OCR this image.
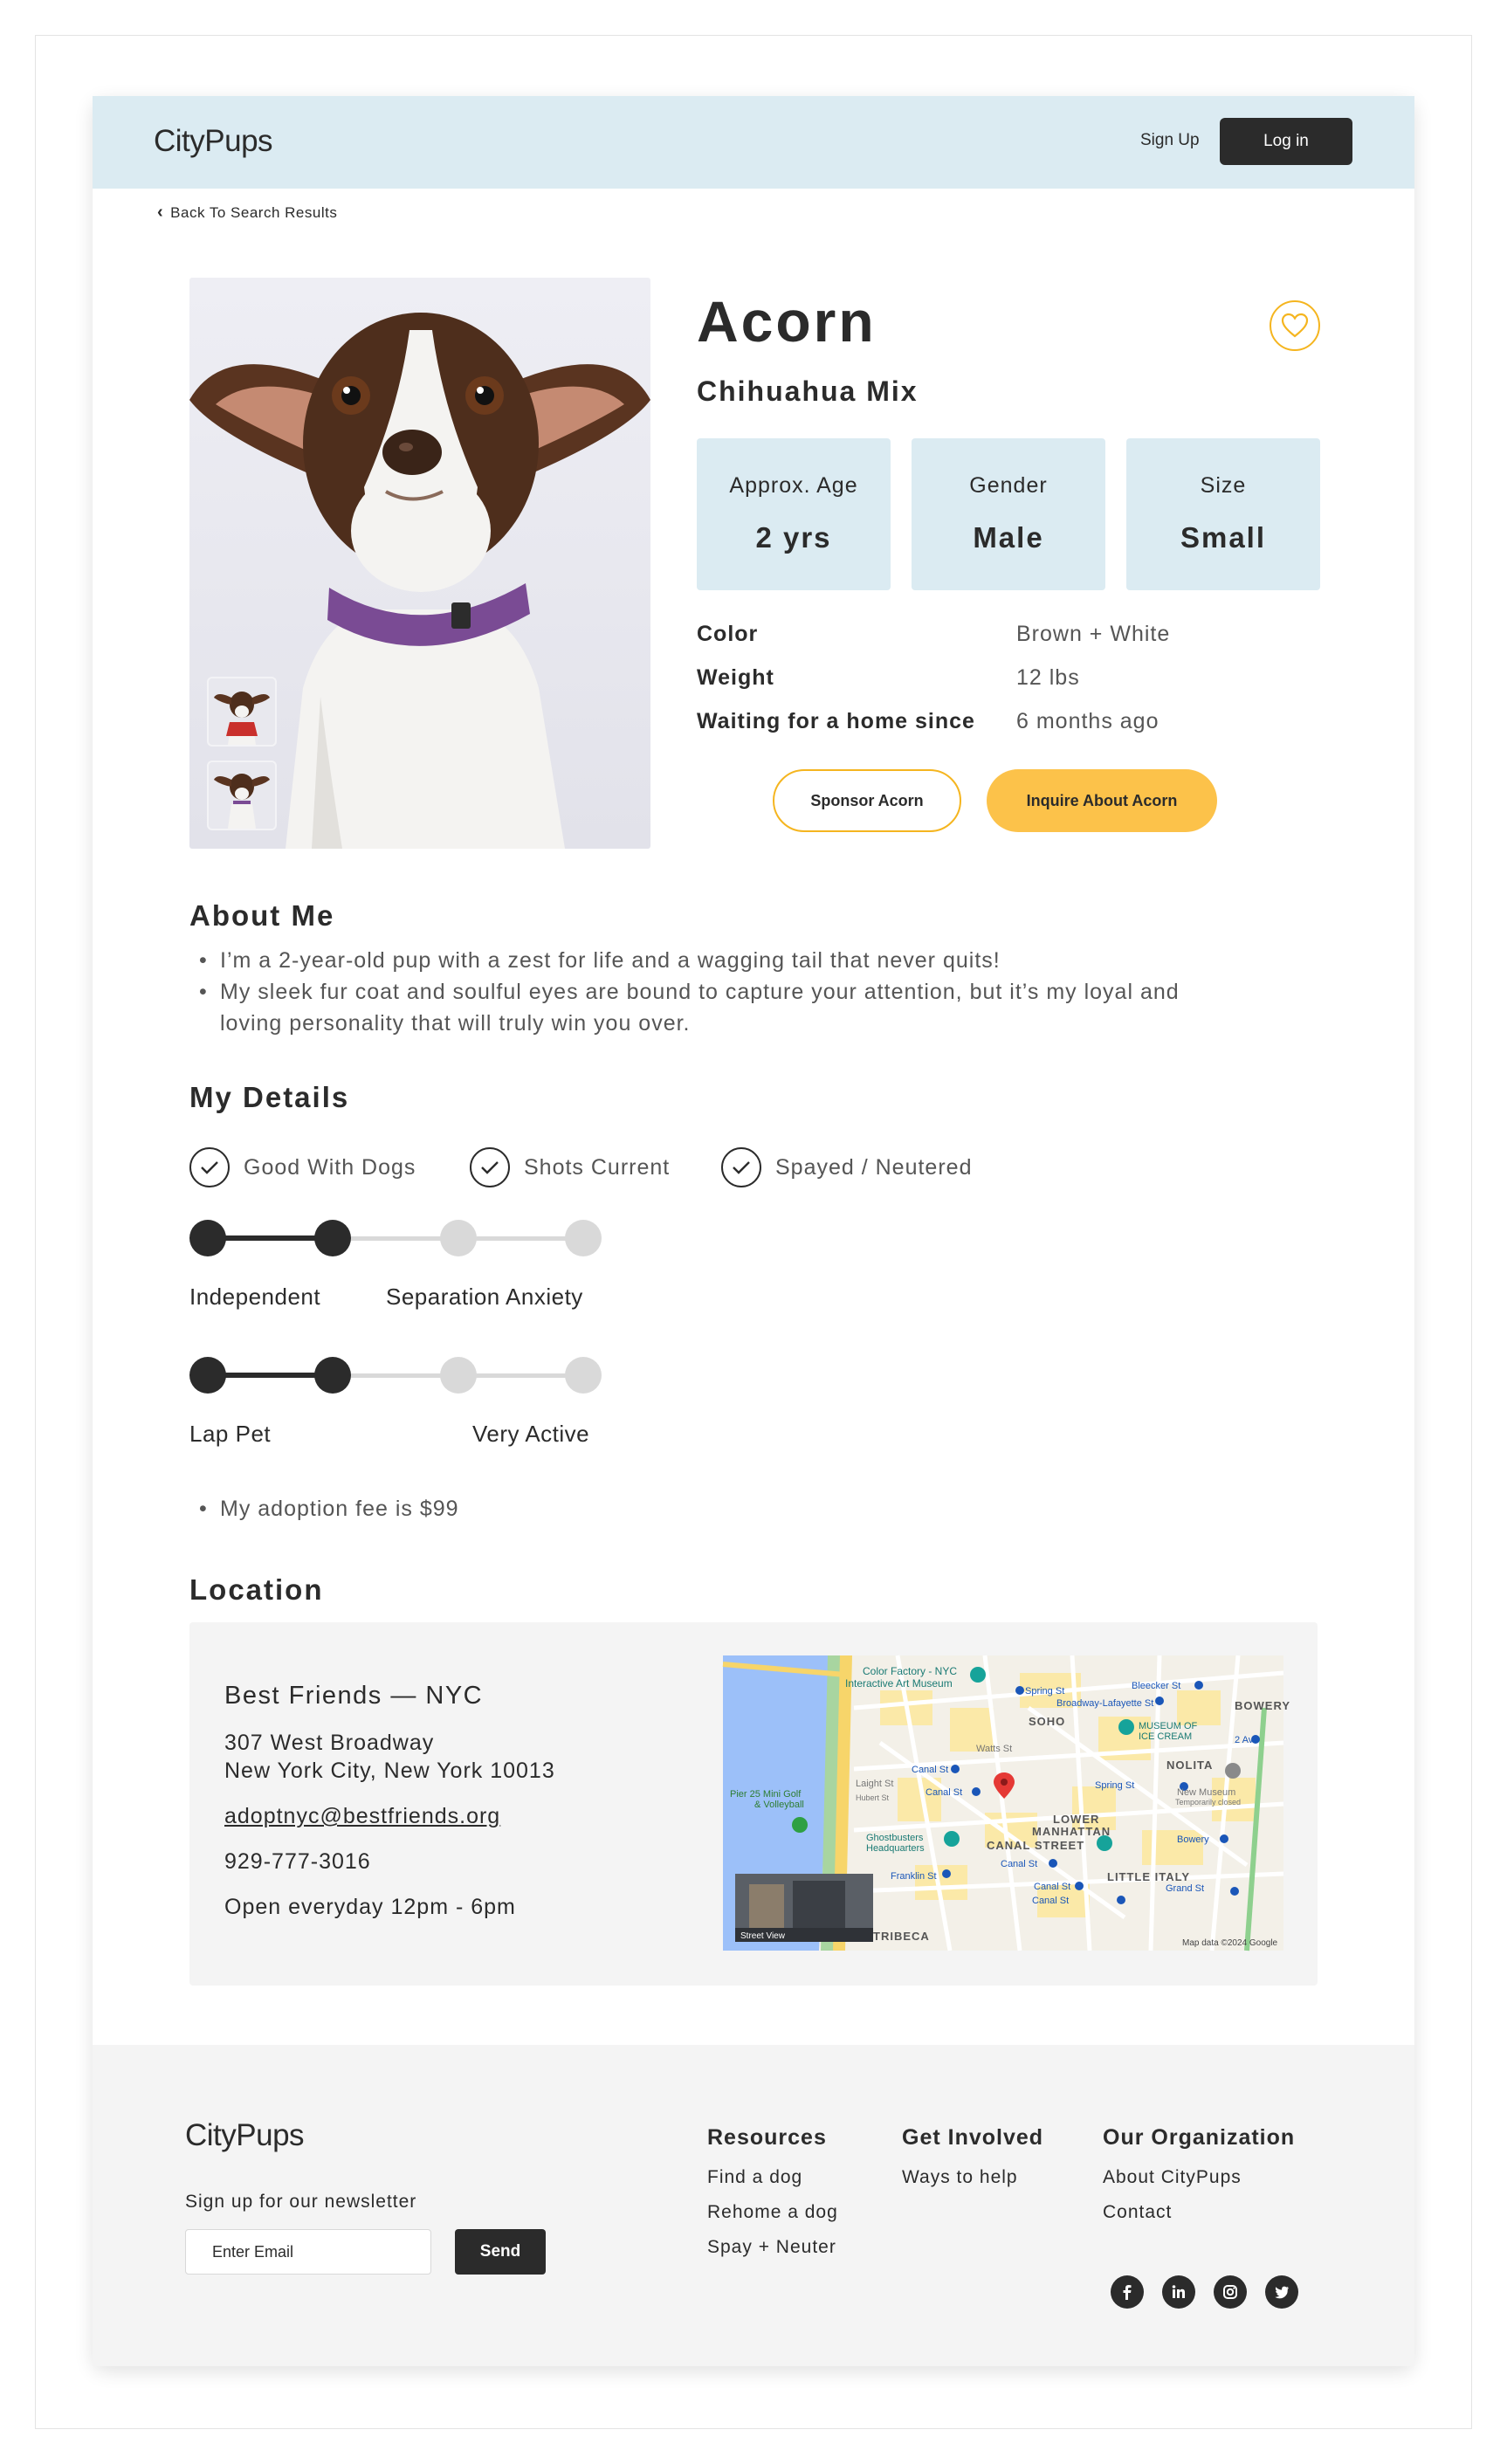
CityPups	Sign Up	Log in
‹ Back To Search Results
Acorn
Chihuahua Mix
Approx. Age
2 yrs
Gender
Male
Size
Small
Color	Brown + White
Weight	12 lbs
Waiting for a home since 6 months ago
Sponsor Acorn	Inquire About Acorn
About Me
• I’m a 2-year-old pup with a zest for life and a wagging tail that never quits!
• My sleek fur coat and soulful eyes are bound to capture your attention, but it’s my loyal and
loving personality that will truly win you over.
My Details
Good With Dogs	Shots Current	Spayed / Neutered
Independent	Separation Anxiety
Lap Pet	Very Active
• My adoption fee is $99
Location
Best Friends — NYC
307 West Broadway
New York City, New York 10013
adoptnyc@bestfriends.org
929-777-3016
Open everyday 12pm - 6pm
Color Factory - NYC
Interactive Art Museum
Spring St
Broadway-Lafayette St
Bleecker St
Canal St
Canal St
Canal St
Canal St
Canal St
Spring St
Franklin St
Grand St
2 Av
Bowery
BOWERY
SOHO
NOLITA
LOWER
MANHATTAN
CANAL STREET
LITTLE ITALY
TRIBECA
MUSEUM OF
ICE CREAM
Ghostbusters
Headquarters
Pier 25 Mini Golf
& Volleyball
New Museum
Temporarily closed
Watts St
Laight St
Hubert St
Street View
Map data ©2024 Google
CityPups
Sign up for our newsletter
Enter Email
Send
Resources
Find a dog
Rehome a dog
Spay + Neuter
Get Involved
Ways to help
Our Organization
About CityPups
Contact
